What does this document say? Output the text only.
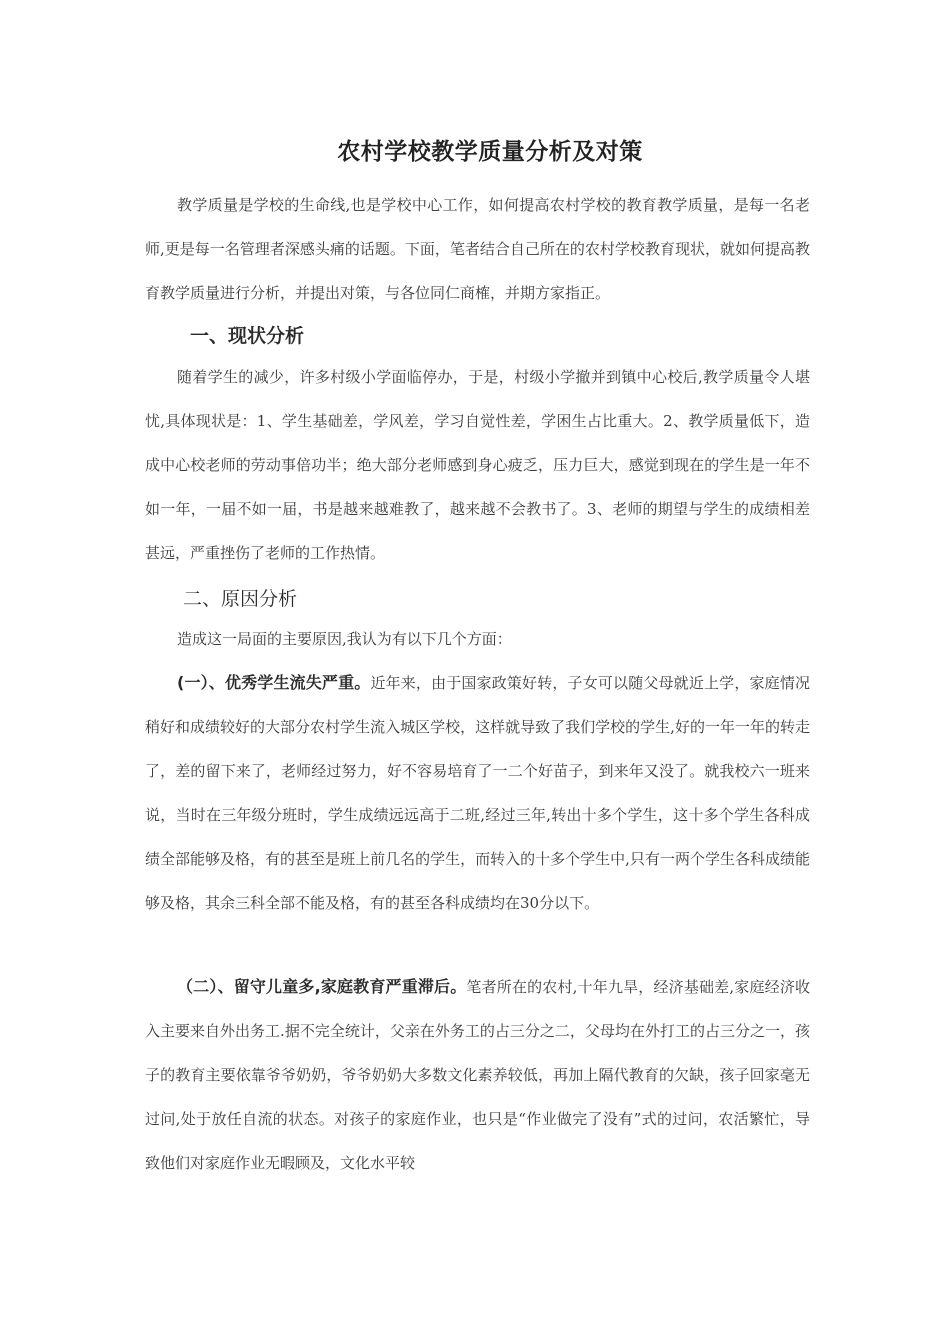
农村学校教学质量分析及对策

教学质量是学校的生命线,也是学校中心工作，如何提高农村学校的教育教学质量，是每一名老师,更是每一名管理者深感头痛的话题。下面，笔者结合自己所在的农村学校教育现状，就如何提高教育教学质量进行分析，并提出对策，与各位同仁商榷，并期方家指正。

一、现状分析

随着学生的减少，许多村级小学面临停办，于是，村级小学撤并到镇中心校后,教学质量令人堪忧,具体现状是：1、学生基础差，学风差，学习自觉性差，学困生占比重大。2、教学质量低下，造成中心校老师的劳动事倍功半；绝大部分老师感到身心疲乏，压力巨大，感觉到现在的学生是一年不如一年，一届不如一届，书是越来越难教了，越来越不会教书了。3、老师的期望与学生的成绩相差甚远，严重挫伤了老师的工作热情。

二、原因分析

造成这一局面的主要原因,我认为有以下几个方面：

(一）、优秀学生流失严重。近年来，由于国家政策好转，子女可以随父母就近上学，家庭情况稍好和成绩较好的大部分农村学生流入城区学校，这样就导致了我们学校的学生,好的一年一年的转走了，差的留下来了，老师经过努力，好不容易培育了一二个好苗子，到来年又没了。就我校六一班来说，当时在三年级分班时，学生成绩远远高于二班,经过三年,转出十多个学生，这十多个学生各科成绩全部能够及格，有的甚至是班上前几名的学生，而转入的十多个学生中,只有一两个学生各科成绩能够及格，其余三科全部不能及格，有的甚至各科成绩均在30分以下。

（二）、留守儿童多,家庭教育严重滞后。笔者所在的农村,十年九旱，经济基础差,家庭经济收入主要来自外出务工.据不完全统计，父亲在外务工的占三分之二，父母均在外打工的占三分之一，孩子的教育主要依靠爷爷奶奶，爷爷奶奶大多数文化素养较低，再加上隔代教育的欠缺，孩子回家毫无过问,处于放任自流的状态。对孩子的家庭作业，也只是“作业做完了没有”式的过问，农活繁忙，导致他们对家庭作业无暇顾及，文化水平较
